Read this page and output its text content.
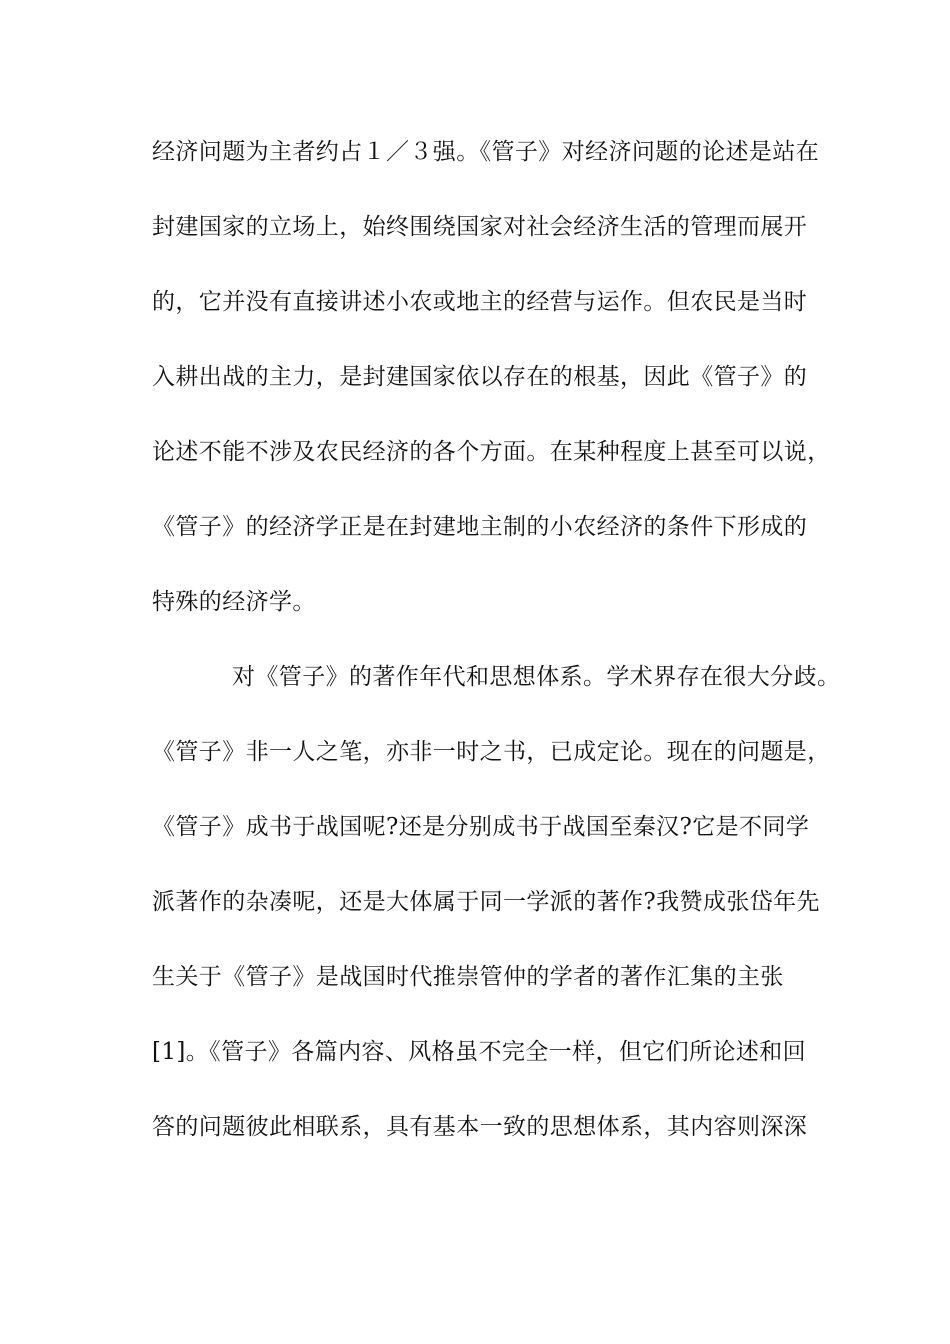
经济问题为主者约占１／３强。《管子》对经济问题的论述是站在
封建国家的立场上，始终围绕国家对社会经济生活的管理而展开
的，它并没有直接讲述小农或地主的经营与运作。但农民是当时
入耕出战的主力，是封建国家依以存在的根基，因此《管子》的
论述不能不涉及农民经济的各个方面。在某种程度上甚至可以说，
《管子》的经济学正是在封建地主制的小农经济的条件下形成的
特殊的经济学。
对《管子》的著作年代和思想体系。学术界存在很大分歧。
《管子》非一人之笔，亦非一时之书，已成定论。现在的问题是，
《管子》成书于战国呢?还是分别成书于战国至秦汉?它是不同学
派著作的杂凑呢，还是大体属于同一学派的著作?我赞成张岱年先
生关于《管子》是战国时代推崇管仲的学者的著作汇集的主张
[1]。《管子》各篇内容、风格虽不完全一样，但它们所论述和回
答的问题彼此相联系，具有基本一致的思想体系，其内容则深深
